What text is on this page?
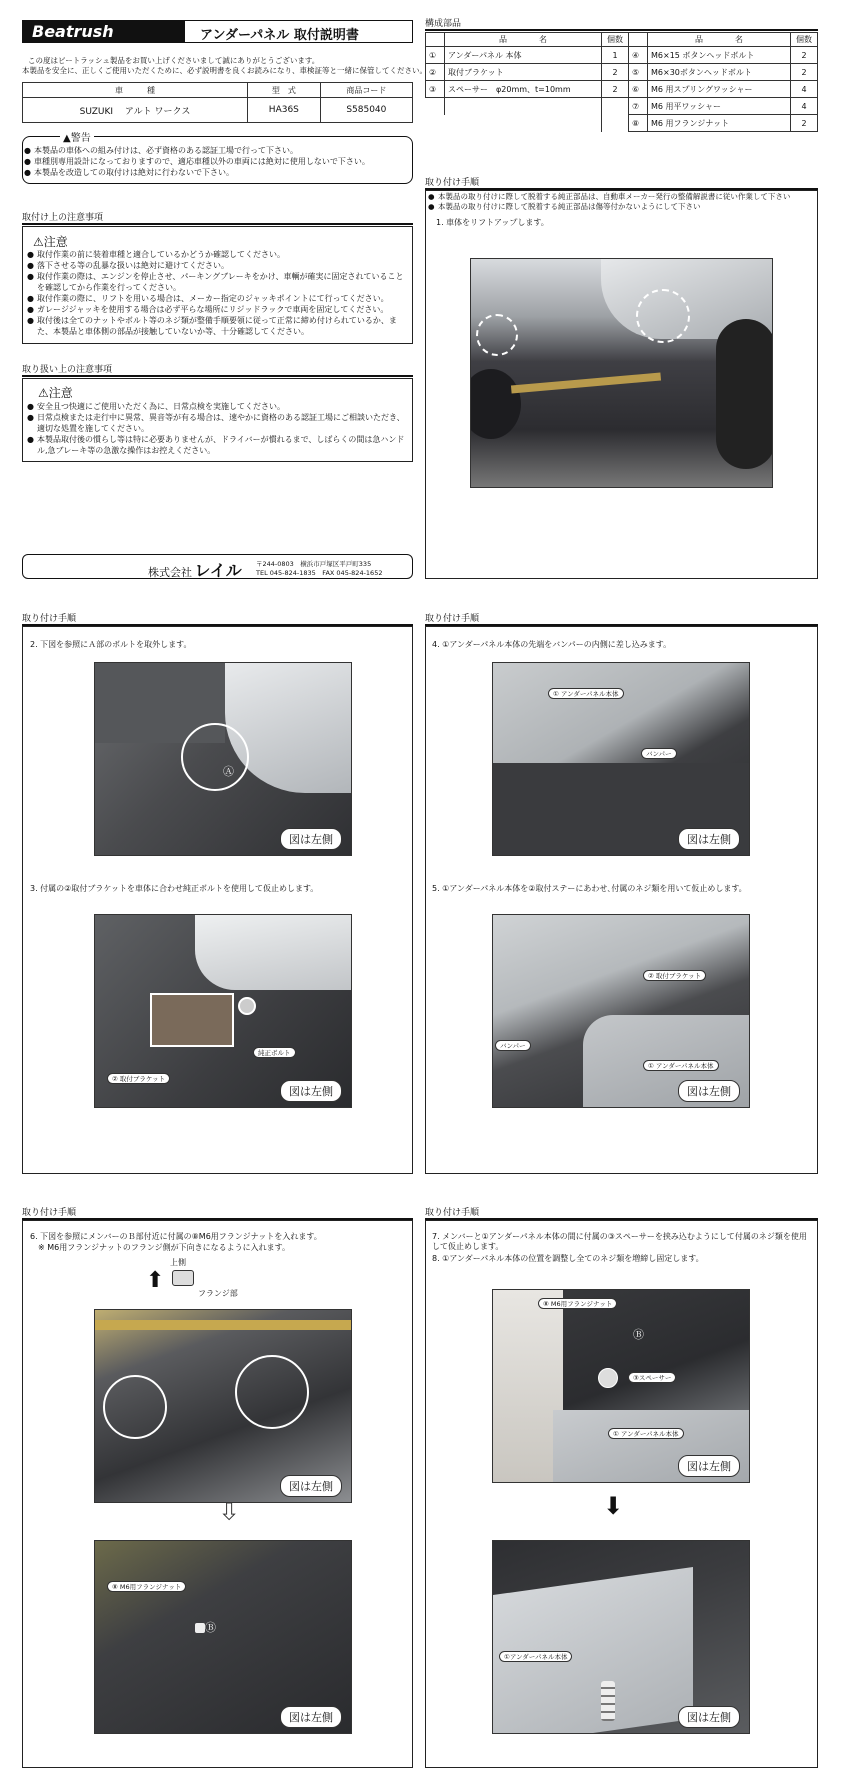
Beatrush	アンダーパネル 取付説明書
この度はビートラッシュ製品をお買い上げくださいまして誠にありがとうございます。
本製品を安全に、正しくご使用いただくために、必ず説明書を良くお読みになり、車検証等と一緒に保管してください。
車　　　種	型　式	商品コード
SUZUKI　 アルト ワークス	HA36S	S585040
▲警告
● 本製品の車体への組み付けは、必ず資格のある認証工場で行って下さい。
● 車種別専用設計になっておりますので、適応車種以外の車両には絶対に使用しないで下さい。
● 本製品を改造しての取付けは絶対に行わないで下さい。
取付け上の注意事項
⚠注意
● 取付作業の前に装着車種と適合しているかどうか確認してください。
● 落下させる等の乱暴な扱いは絶対に避けてください。
● 取付作業の際は、エンジンを停止させ、パーキングブレーキをかけ、車輌が確実に固定されていることを確認してから作業を行ってください。
● 取付作業の際に、リフトを用いる場合は、メーカー指定のジャッキポイントにて行ってください。
● ガレージジャッキを使用する場合は必ず平らな場所にリジッドラックで車両を固定してください。
● 取付後は全てのナットやボルト等のネジ類が整備手順要領に従って正常に締め付けられているか、また、本製品と車体側の部品が接触していないか等、十分確認してください。
取り扱い上の注意事項
⚠注意
● 安全且つ快適にご使用いただく為に、日常点検を実施してください。
● 日常点検または走行中に異常、異音等が有る場合は、速やかに資格のある認証工場にご相談いただき、適切な処置を施してください。
● 本製品取付後の慣らし等は特に必要ありませんが、ドライバーが慣れるまで、しばらくの間は急ハンドル,急ブレーキ等の急激な操作はお控えください。
株式会社 レイル 〒244-0803　横浜市戸塚区平戸町335
TEL 045-824-1835　FAX 045-824-1652
構成部品
	品　　　　名	個数		品　　　　名	個数
①	アンダーパネル 本体	1	④	M6×15 ボタンヘッドボルト	2
②	取付ブラケット	2	⑤	M6×30ボタンヘッドボルト	2
③	スペーサー　φ20mm、t=10mm	2	⑥	M6 用スプリングワッシャー	4
			⑦	M6 用平ワッシャー	4
			⑧	M6 用フランジナット	2
取り付け手順
● 本製品の取り付けに際して脱着する純正部品は、自動車メーカー発行の整備解説書に従い作業して下さい
● 本製品の取り付けに際して脱着する純正部品は傷等付かないようにして下さい
1. 車体をリフトアップします。
取り付け手順
2. 下図を参照にＡ部のボルトを取外します。
Ⓐ
図は左側
3. 付属の②取付ブラケットを車体に合わせ純正ボルトを使用して仮止めします。
② 取付ブラケット
純正ボルト
図は左側
取り付け手順
4. ①アンダーパネル本体の先端をバンパーの内側に差し込みます。
① アンダーパネル本体
バンパー
図は左側
5. ①アンダーパネル本体を②取付ステーにあわせ､付属のネジ類を用いて仮止めします。
② 取付ブラケット
バンパー
① アンダーパネル本体
図は左側
取り付け手順
6. 下図を参照にメンバーのＢ部付近に付属の⑧M6用フランジナットを入れます。
※ M6用フランジナットのフランジ側が下向きになるように入れます。
⬆
上側
フランジ部
図は左側
⬇
⑧ M6用フランジナット
Ⓑ
図は左側
取り付け手順
7. メンバーと①アンダーパネル本体の間に付属の③スペーサーを挟み込むようにして付属のネジ類を使用して仮止めします。
8. ①アンダーパネル本体の位置を調整し全てのネジ類を増締し固定します。
⑧ M6用フランジナット
Ⓑ
③スペーサー
① アンダーパネル本体
図は左側
⬇
①アンダーパネル本体
図は左側
